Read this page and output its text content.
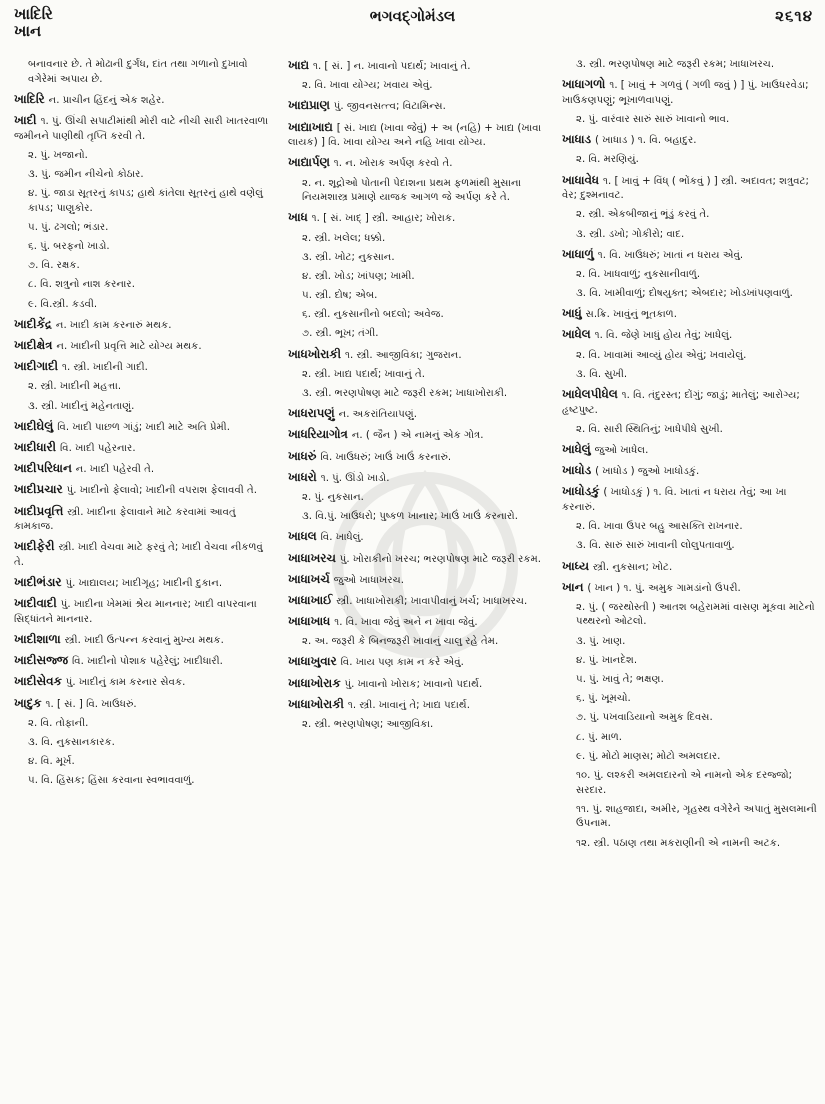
ખાદિરિ
ખાન
ભગવદ્ગોમંડલ	૨૬૧૪
બનાવનાર છે. તે મોઢાની દુર્ગંધ, દાંત તથા ગળાનો દુખાવો વગેરેમાં અપાય છે.
ખાદિરિ ન. પ્રાચીન હિંદનું એક શહેર.
ખાદી ૧. પું. ઊંચી સપાટીમાંથી મોરી વાટે નીચી સારી ખાતરવાળા જમીનને પાણીથી તૃપ્તિ કરવી તે.
૨. પું. ખજાનો.
૩. પું. જમીન નીચેનો કોઠાર.
૪. પું. જાડા સૂતરનું કાપડ; હાથે કાંતેલા સૂતરનું હાથે વણેલું કાપડ; પાણુકોર.
૫. પું. ઢગલો; ભંડાર.
૬. પું. બરફનો ખાડો.
૭. વિ. રક્ષક.
૮. વિ. શત્રુનો નાશ કરનાર.
૯. વિ.સ્ત્રી. કડવી.
ખાદીકેંદ્ર ન. ખાદી કામ કરનારું મથક.
ખાદીક્ષેત્ર ન. ખાદીની પ્રવૃત્તિ માટે યોગ્ય મથક.
ખાદીગાદી ૧. સ્ત્રી. ખાદીની ગાદી.
૨. સ્ત્રી. ખાદીની મહત્તા.
૩. સ્ત્રી. ખાદીનું મહેનતાણું.
ખાદીઘેલું વિ. ખાદી પાછળ ગાંડું; ખાદી માટે અતિ પ્રેમી.
ખાદીધારી વિ. ખાદી પહેરનાર.
ખાદીપરિધાન ન. ખાદી પહેરવી તે.
ખાદીપ્રચાર પું. ખાદીનો ફેલાવો; ખાદીની વપરાશ ફેલાવવી તે.
ખાદીપ્રવૃત્તિ સ્ત્રી. ખાદીના ફેલાવાને માટે કરવામાં આવતું કામકાજ.
ખાદીફેરી સ્ત્રી. ખાદી વેચવા માટે ફરવું તે; ખાદી વેચવા નીકળવું તે.
ખાદીભંડાર પું. ખાદ્યાલય; ખાદીગૃહ; ખાદીની દુકાન.
ખાદીવાદી પું. ખાદીના ખેમમાં શ્રેય માનનાર; ખાદી વાપરવાના સિદ્ધાંતને માનનાર.
ખાદીશાળા સ્ત્રી. ખાદી ઉત્પન્ન કરવાનું મુખ્ય મથક.
ખાદીસજ્જ વિ. ખાદીનો પોશાક પહેરેલું; ખાદીધારી.
ખાદીસેવક પું. ખાદીનું કામ કરનાર સેવક.
ખાદુક ૧. [ સં. ] વિ. ખાઉધરું.
૨. વિ. તોફાની.
૩. વિ. નુકસાનકારક.
૪. વિ. મૂર્ખ.
૫. વિ. હિંસક; હિંસા કરવાના સ્વભાવવાળું.
ખાદ્ય ૧. [ સં. ] ન. ખાવાનો પદાર્થ; ખાવાનું તે.
૨. વિ. ખાવા યોગ્ય; ખવાય એવું.
ખાદ્યપ્રાણ પું. જીવનસત્ત્વ; વિટામિન્સ.
ખાદ્યાખાદ્ય [ સં. ખાદ્ય (ખાવા જેવું) + અ (નહિ) + ખાદ્ય (ખાવા લાયક) ] વિ. ખાવા યોગ્ય અને નહિ ખાવા યોગ્ય.
ખાદ્યાર્પણ ૧. ન. ખોરાક અર્પણ કરવો તે.
૨. ન. શૂદ્રોઓ પોતાની પેદાશના પ્રથમ ફળમાંથી મુસાના નિયમશાસ્ત્ર પ્રમાણે યાજક આગળ જે અર્પણ કરે તે.
ખાધ ૧. [ સં. ખાદ્ ] સ્ત્રી. આહાર; ખોરાક.
૨. સ્ત્રી. ખલેલ; ધક્કો.
૩. સ્ત્રી. ખોટ; નુકસાન.
૪. સ્ત્રી. ખોડ; ખાંપણ; ખામી.
૫. સ્ત્રી. દોષ; એબ.
૬. સ્ત્રી. નુકસાનીનો બદલો; અવેજ.
૭. સ્ત્રી. ભૂખ; તંગી.
ખાધખોરાકી ૧. સ્ત્રી. આજીવિકા; ગુજરાન.
૨. સ્ત્રી. ખાદ્ય પદાર્થ; ખાવાનું તે.
૩. સ્ત્રી. ભરણપોષણ માટે જરૂરી રકમ; ખાધાખોરાકી.
ખાધરાપણું ન. અકરાંતિયાપણું.
ખાધરિયાગોત્ર ન. ( જૈન ) એ નામનું એક ગોત્ર.
ખાધરું વિ. ખાઉધરું; ખાઉં ખાઉં કરનારું.
ખાધરો ૧. પું. ઊંડો ખાડો.
૨. પું. નુકસાન.
૩. વિ.પું. ખાઉધરો; પુષ્કળ ખાનાર; ખાઉં ખાઉં કરનારો.
ખાધલ વિ. ખાધેલું.
ખાધાખરચ પું. ખોરાકીનો ખરચ; ભરણપોષણ માટે જરૂરી રકમ.
ખાધાખર્ચ જુઓ ખાધાખરચ.
ખાધાખાઈ સ્ત્રી. ખાધાખોરાકી; ખાવાપીવાનું ખર્ચ; ખાધાખરચ.
ખાધાખાધ ૧. વિ. ખાવા જેવું અને ન ખાવા જેવું.
૨. અ. જરૂરી કે બિનજરૂરી ખાવાનું ચાલુ રહે તેમ.
ખાધાખુવાર વિ. ખાય પણ કામ ન કરે એવું.
ખાધાખોરાક પું. ખાવાનો ખોરાક; ખાવાનો પદાર્થ.
ખાધાખોરાકી ૧. સ્ત્રી. ખાવાનું તે; ખાદ્ય પદાર્થ.
૨. સ્ત્રી. ભરણપોષણ; આજીવિકા.
૩. સ્ત્રી. ભરણપોષણ માટે જરૂરી રકમ; ખાધાખરચ.
ખાધાગળો ૧. [ ખાવું + ગળવું ( ગળી જવું ) ] પું. ખાઉધરવેડા; ખાઉકણપણું; ભૂખાળવાપણું.
૨. પું. વારંવાર સારું સારું ખાવાનો ભાવ.
ખાધાડ ( ખાધાડ ) ૧. વિ. બહાદુર.
૨. વિ. મરણિયું.
ખાધાવેધ ૧. [ ખાવું + વિંધ્ ( ભોંકવું ) ] સ્ત્રી. અદાવત; શત્રુવટ; વેર; દુશ્મનાવટ.
૨. સ્ત્રી. એકબીજાનું ભૂંડું કરવું તે.
૩. સ્ત્રી. ડખો; ગોકીરો; વાદ.
ખાધાળું ૧. વિ. ખાઉધરું; ખાતાં ન ધરાય એવું.
૨. વિ. ખાધવાળું; નુકસાનીવાળું.
૩. વિ. ખામીવાળું; દોષયુક્ત; એબદાર; ખોડખાંપણવાળું.
ખાધું સ.ક્રિ. ખાવુંનું ભૂતકાળ.
ખાધેલ ૧. વિ. જેણે ખાધું હોય તેવું; ખાધેલું.
૨. વિ. ખાવામાં આવ્યું હોય એવું; ખવાયેલું.
૩. વિ. સુખી.
ખાધેલપીધેલ ૧. વિ. તંદુરસ્ત; દોંગું; જાડું; માતેલું; આરોગ્ય; હૃષ્ટપુષ્ટ.
૨. વિ. સારી સ્થિતિનું; ખાધેપીધે સુખી.
ખાધેલું જુઓ ખાધેલ.
ખાધોડ ( ખાધોડ ) જુઓ ખાધોડકું.
ખાધોડકું ( ખાધોડકું ) ૧. વિ. ખાતાં ન ધરાય તેવું; આ ખા કરનારું.
૨. વિ. ખાવા ઉપર બહુ આસક્તિ રાખનાર.
૩. વિ. સારું સારું ખાવાની લોલુપતાવાળું.
ખાધ્ય સ્ત્રી. નુકસાન; ખોટ.
ખાન ( ખાન ) ૧. પું. અમુક ગામડાંનો ઉપરી.
૨. પું. ( જરથોસ્તી ) આતશ બહેરામમાં વાસણ મૂકવા માટેનો પથ્થરનો ઓટલો.
૩. પું. ખાણ.
૪. પું. ખાનદેશ.
૫. પું. ખાવું તે; ભક્ષણ.
૬. પું. ખૂમચો.
૭. પું. પખવાડિયાનો અમુક દિવસ.
૮. પું. માળ.
૯. પું. મોટો માણસ; મોટો અમલદાર.
૧૦. પું. લશ્કરી અમલદારનો એ નામનો એક દરજ્જો; સરદાર.
૧૧. પું. શાહજાદા, અમીર, ગૃહસ્થ વગેરેને અપાતું મુસલમાની ઉપનામ.
૧૨. સ્ત્રી. પઠાણ તથા મકરાણીની એ નામની અટક.
